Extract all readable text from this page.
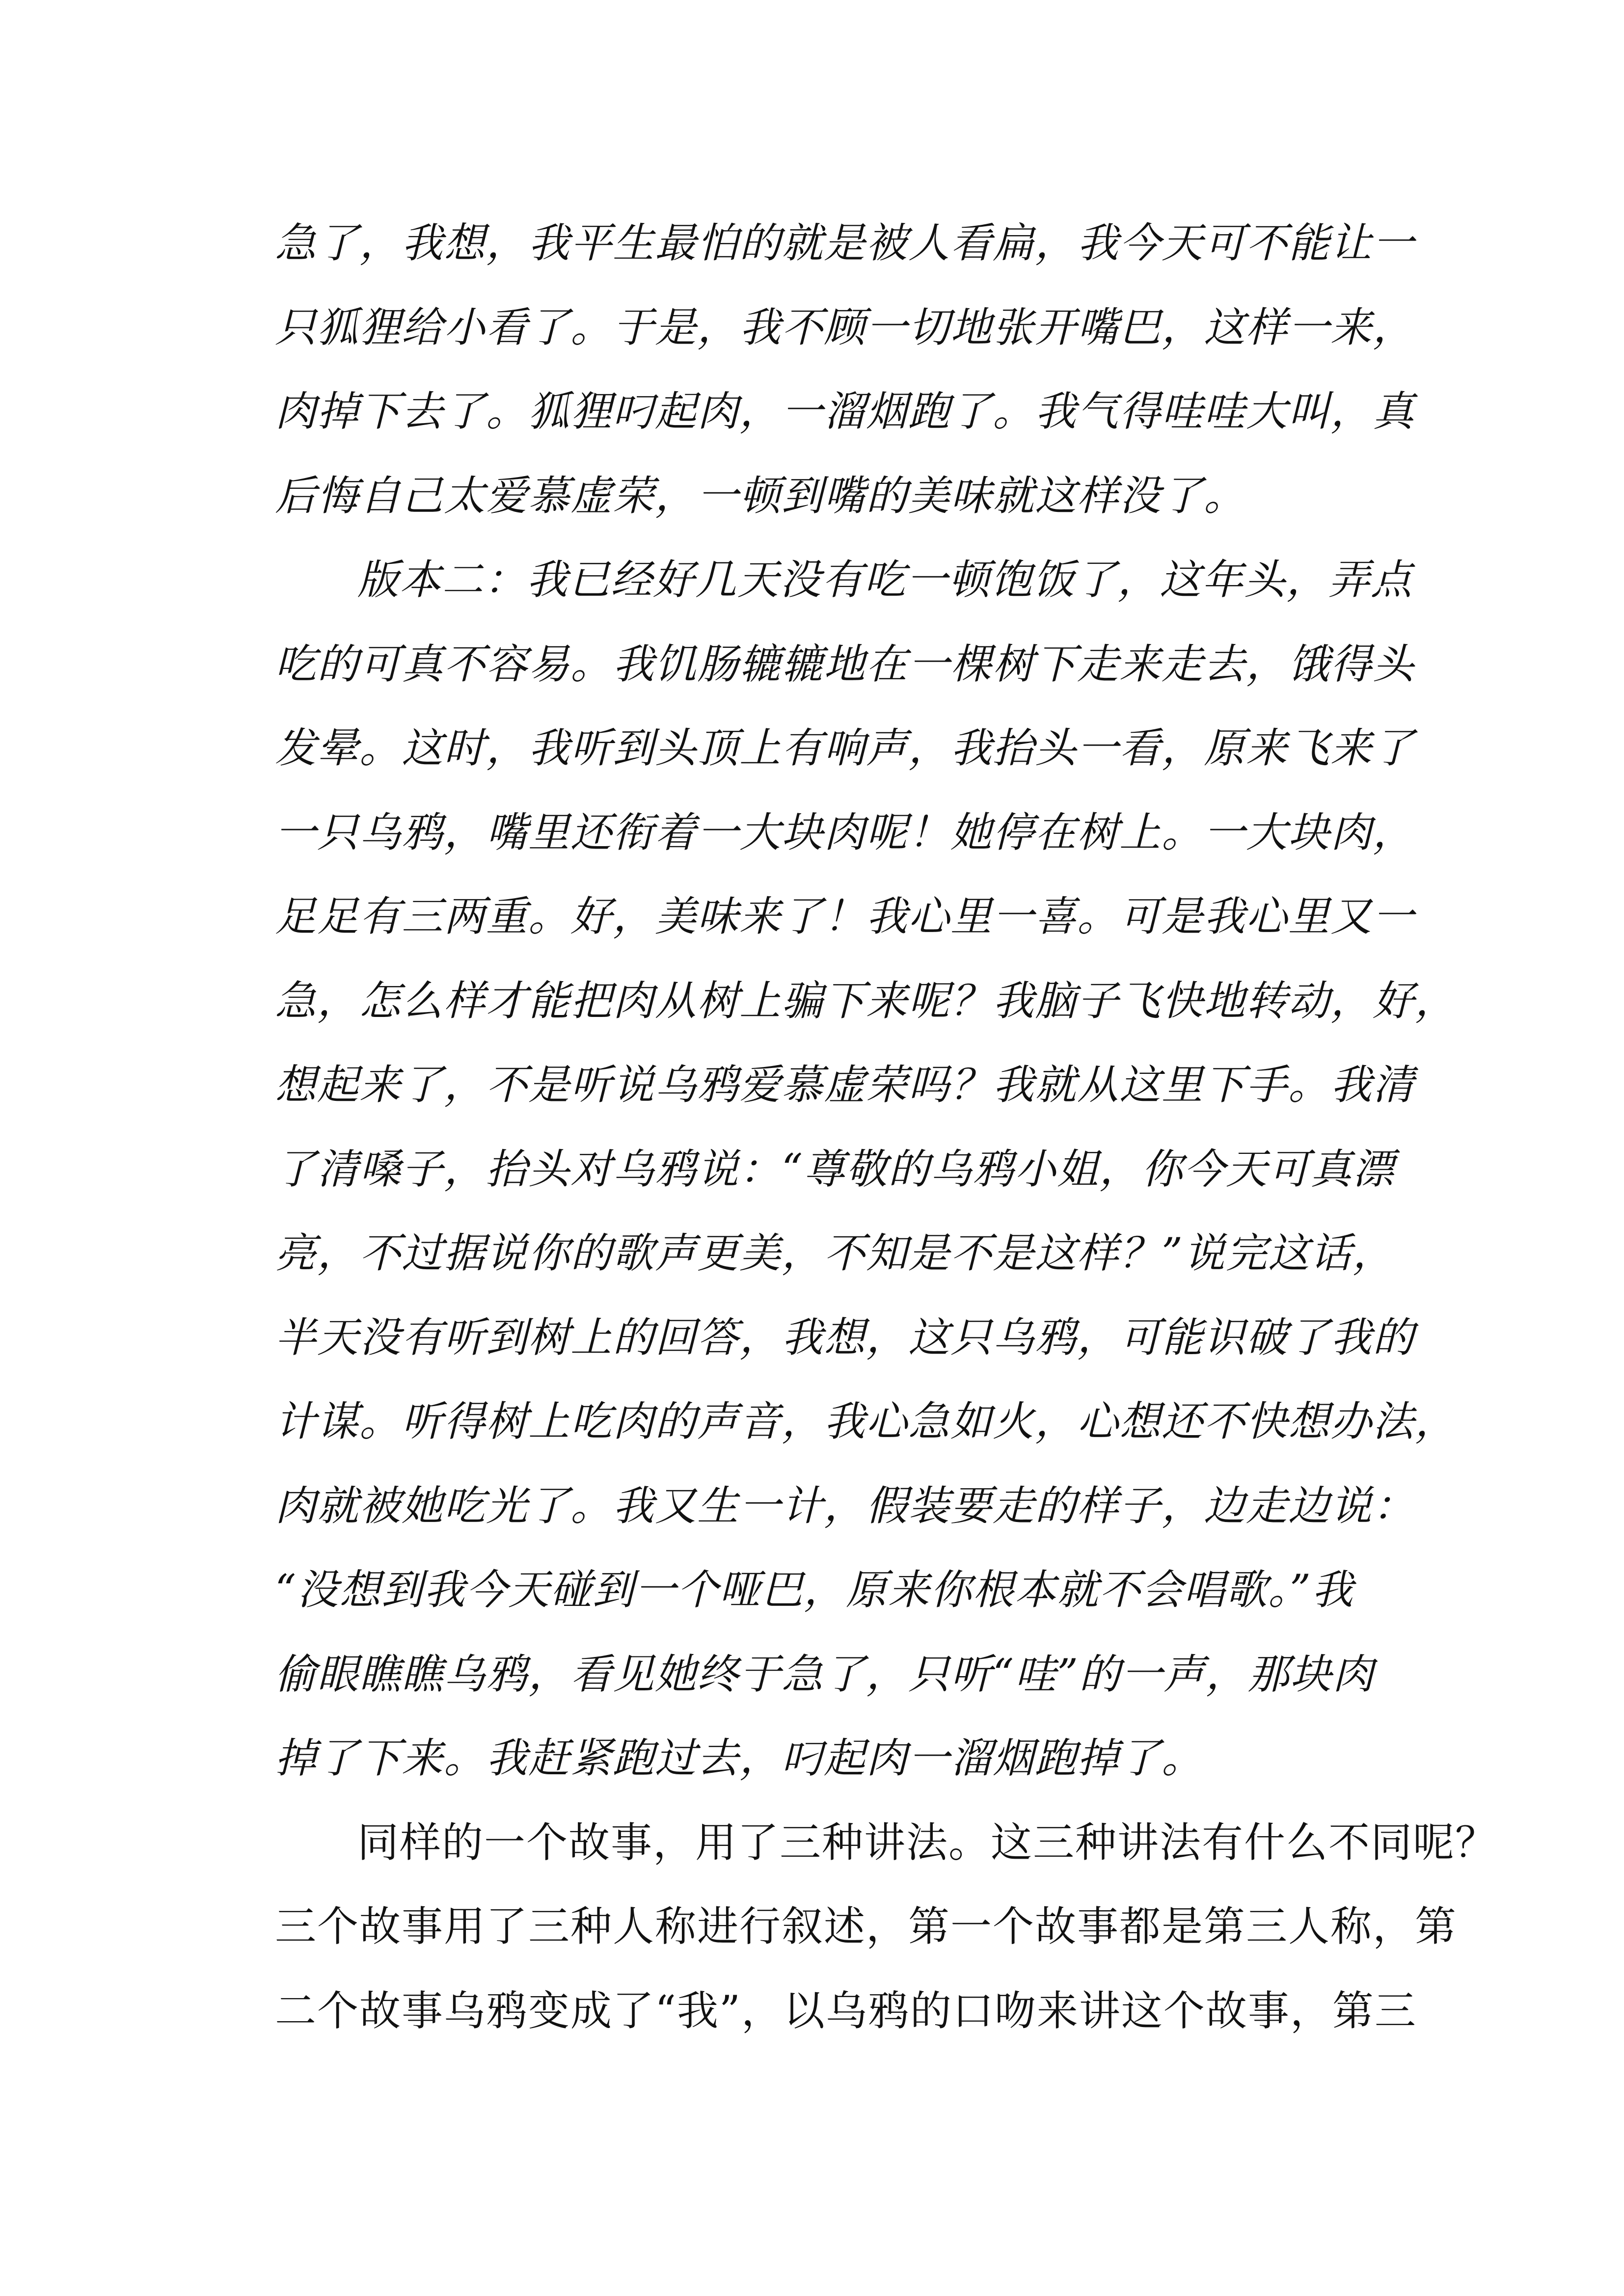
急了，我想，我平生最怕的就是被人看扁，我今天可不能让一
只狐狸给小看了。于是，我不顾一切地张开嘴巴，这样一来，
肉掉下去了。狐狸叼起肉，一溜烟跑了。我气得哇哇大叫，真
后悔自己太爱慕虚荣，一顿到嘴的美味就这样没了。
版本二：我已经好几天没有吃一顿饱饭了，这年头，弄点
吃的可真不容易。我饥肠辘辘地在一棵树下走来走去，饿得头
发晕。这时，我听到头顶上有响声，我抬头一看，原来飞来了
一只乌鸦，嘴里还衔着一大块肉呢！她停在树上。一大块肉，
足足有三两重。好，美味来了！我心里一喜。可是我心里又一
急，怎么样才能把肉从树上骗下来呢？我脑子飞快地转动，好，
想起来了，不是听说乌鸦爱慕虚荣吗？我就从这里下手。我清
了清嗓子，抬头对乌鸦说：“尊敬的乌鸦小姐，你今天可真漂
亮，不过据说你的歌声更美，不知是不是这样？”说完这话，
半天没有听到树上的回答，我想，这只乌鸦，可能识破了我的
计谋。听得树上吃肉的声音，我心急如火，心想还不快想办法，
肉就被她吃光了。我又生一计，假装要走的样子，边走边说：
“没想到我今天碰到一个哑巴，原来你根本就不会唱歌。”我
偷眼瞧瞧乌鸦，看见她终于急了，只听“哇”的一声，那块肉
掉了下来。我赶紧跑过去，叼起肉一溜烟跑掉了。
同样的一个故事，用了三种讲法。这三种讲法有什么不同呢？
三个故事用了三种人称进行叙述，第一个故事都是第三人称，第
二个故事乌鸦变成了“我”，以乌鸦的口吻来讲这个故事，第三
